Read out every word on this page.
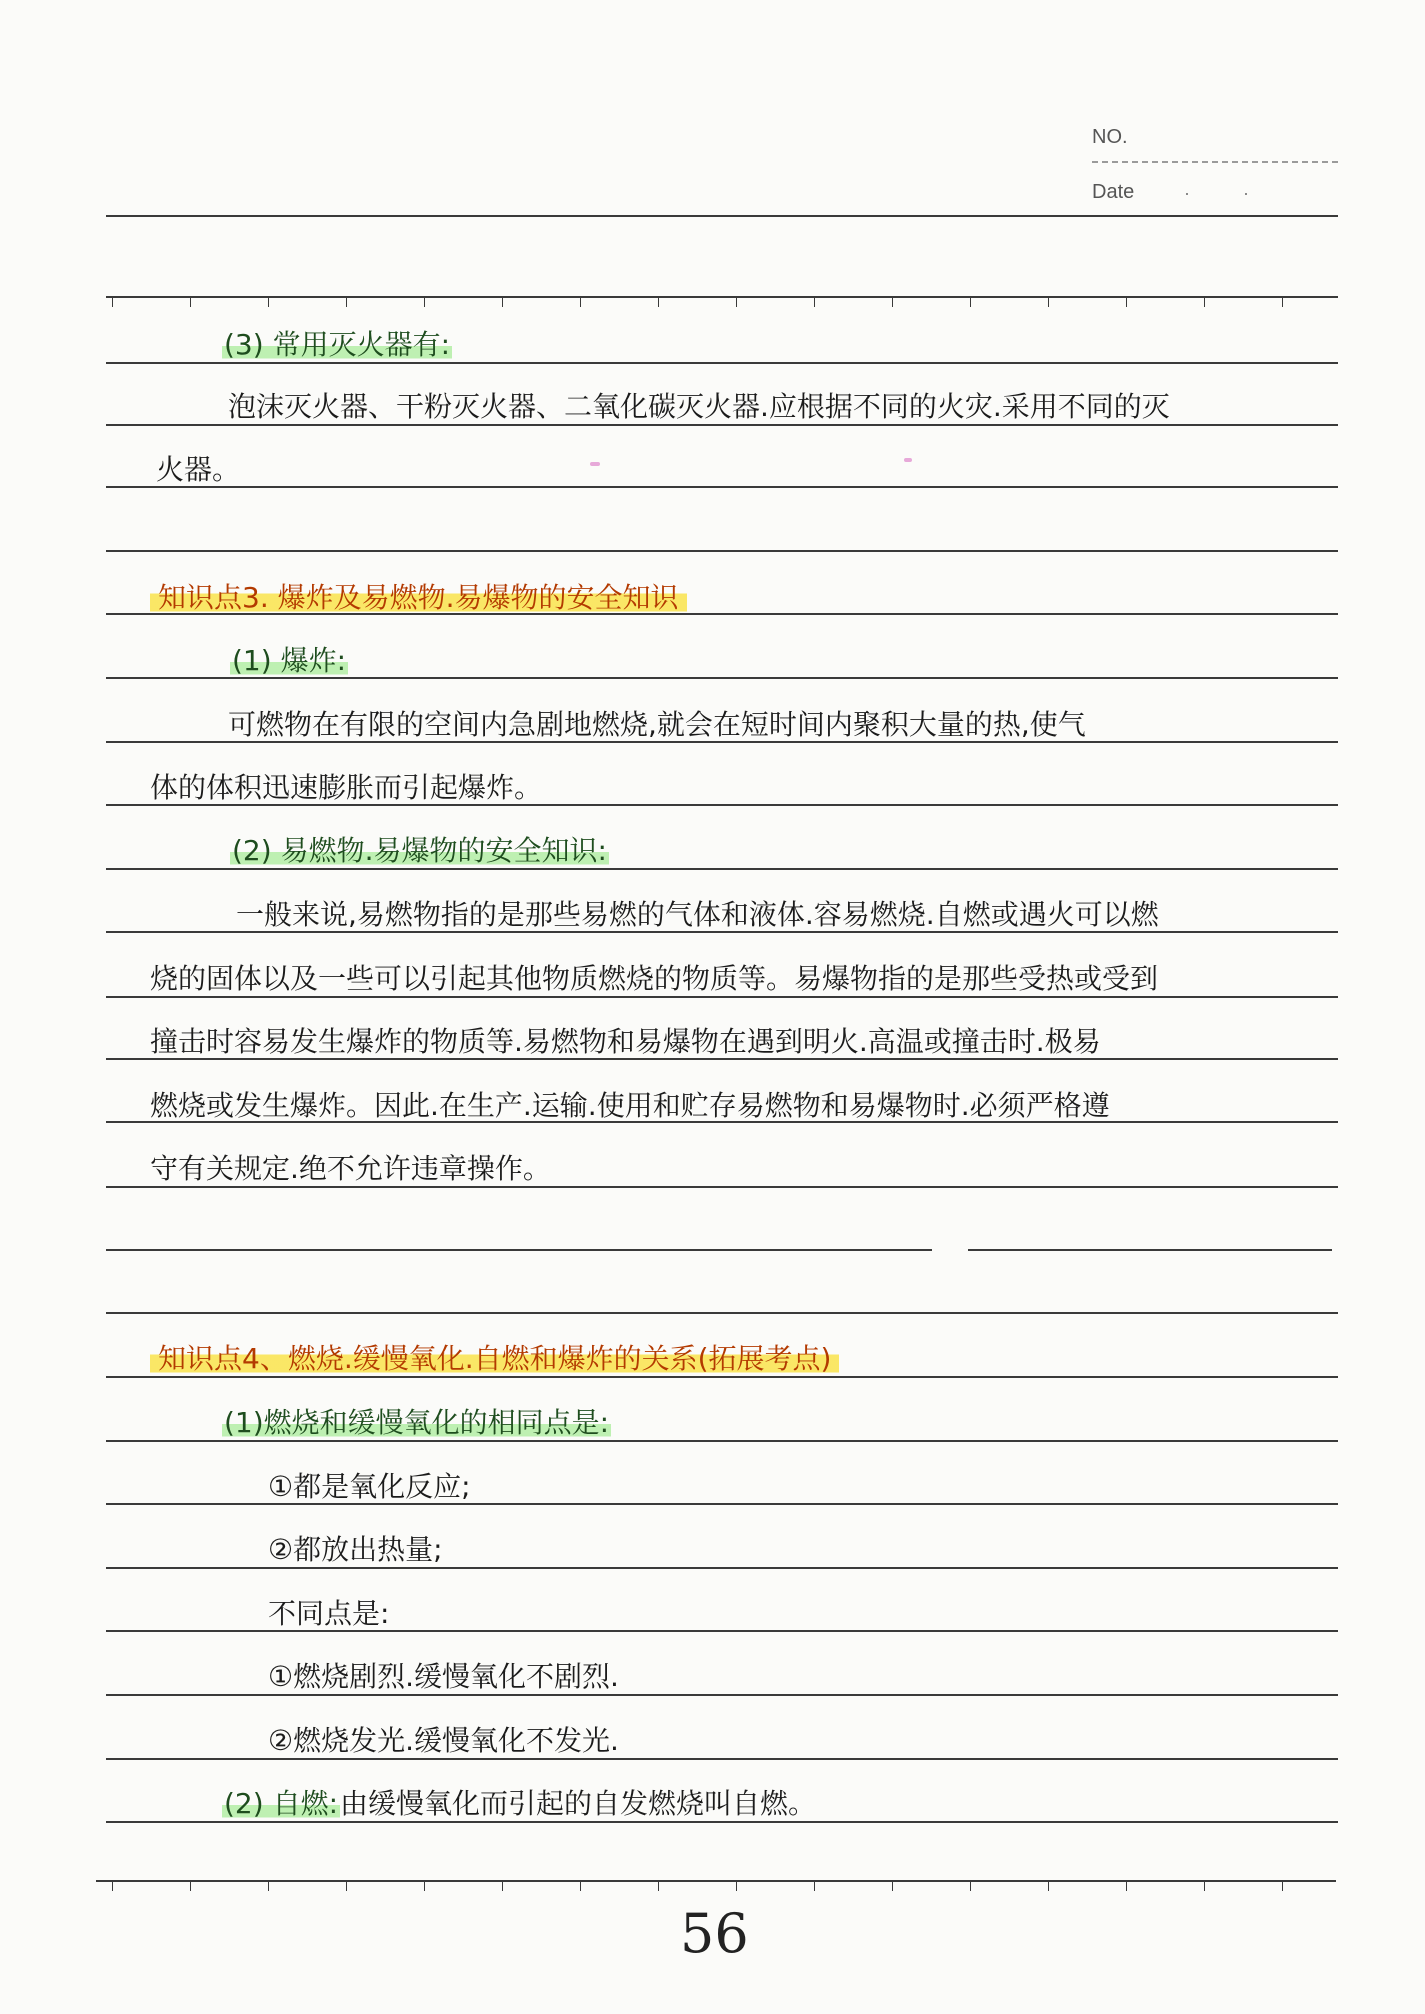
NO.
Date	· ·
(3) 常用灭火器有:
泡沫灭火器、干粉灭火器、二氧化碳灭火器.应根据不同的火灾.采用不同的灭
火器。
知识点3. 爆炸及易燃物.易爆物的安全知识
(1) 爆炸:
可燃物在有限的空间内急剧地燃烧,就会在短时间内聚积大量的热,使气
体的体积迅速膨胀而引起爆炸。
(2) 易燃物.易爆物的安全知识:
一般来说,易燃物指的是那些易燃的气体和液体.容易燃烧.自燃或遇火可以燃
烧的固体以及一些可以引起其他物质燃烧的物质等。易爆物指的是那些受热或受到
撞击时容易发生爆炸的物质等.易燃物和易爆物在遇到明火.高温或撞击时.极易
燃烧或发生爆炸。因此.在生产.运输.使用和贮存易燃物和易爆物时.必须严格遵
守有关规定.绝不允许违章操作。
知识点4、燃烧.缓慢氧化.自燃和爆炸的关系(拓展考点)
(1)燃烧和缓慢氧化的相同点是:
①都是氧化反应;
②都放出热量;
不同点是:
①燃烧剧烈.缓慢氧化不剧烈.
②燃烧发光.缓慢氧化不发光.
(2) 自燃:由缓慢氧化而引起的自发燃烧叫自燃。
56
